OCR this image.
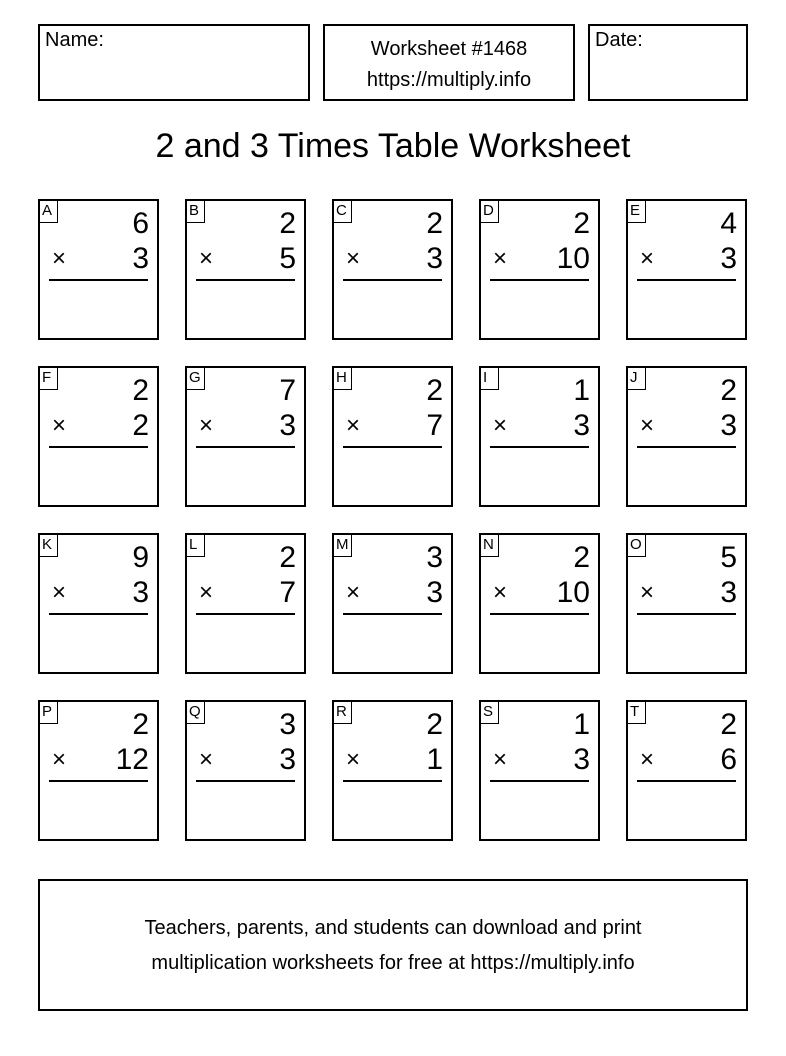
Name:	Worksheet #1468
https://multiply.info
Date:
2 and 3 Times Table Worksheet
A	6
× 3
B	2
× 5
C	2
× 3
D	2
× 10
E	4
× 3
F	2
× 2
G	7
× 3
H	2
× 7
I	1
× 3
J	2
× 3
K	9
× 3
L	2
× 7
M	3
× 3
N	2
× 10
O	5
× 3
P	2
× 12
Q	3
× 3
R	2
× 1
S	1
× 3
T	2
× 6
Teachers, parents, and students can download and print
multiplication worksheets for free at https://multiply.info
